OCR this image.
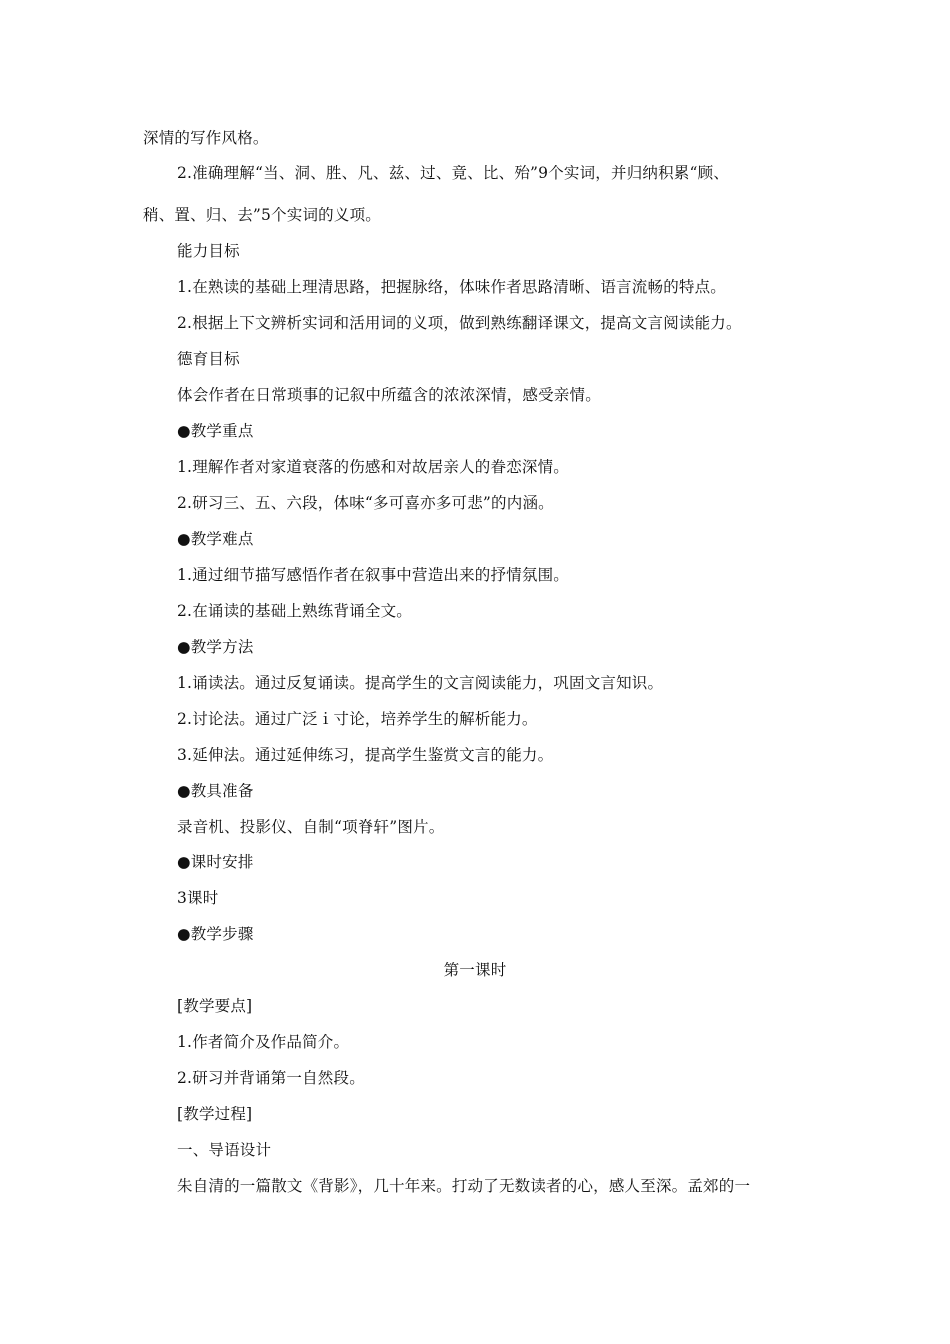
深情的写作风格。
2.准确理解“当、洞、胜、凡、兹、过、竟、比、殆”9个实词，并归纳积累“顾、
稍、置、归、去”5个实词的义项。
能力目标
1.在熟读的基础上理清思路，把握脉络，体味作者思路清晰、语言流畅的特点。
2.根据上下文辨析实词和活用词的义项，做到熟练翻译课文，提高文言阅读能力。
德育目标
体会作者在日常琐事的记叙中所蕴含的浓浓深情，感受亲情。
●教学重点
1.理解作者对家道衰落的伤感和对故居亲人的眷恋深情。
2.研习三、五、六段，体味“多可喜亦多可悲”的内涵。
●教学难点
1.通过细节描写感悟作者在叙事中营造出来的抒情氛围。
2.在诵读的基础上熟练背诵全文。
●教学方法
1.诵读法。通过反复诵读。提高学生的文言阅读能力，巩固文言知识。
2.讨论法。通过广泛ｉ寸论，培养学生的解析能力。
3.延伸法。通过延伸练习，提高学生鉴赏文言的能力。
●教具准备
录音机、投影仪、自制“项脊轩”图片。
●课时安排
3课时
●教学步骤
第一课时
[教学要点]
1.作者简介及作品简介。
2.研习并背诵第一自然段。
[教学过程]
一、导语设计
朱自清的一篇散文《背影》，几十年来。打动了无数读者的心，感人至深。孟郊的一
